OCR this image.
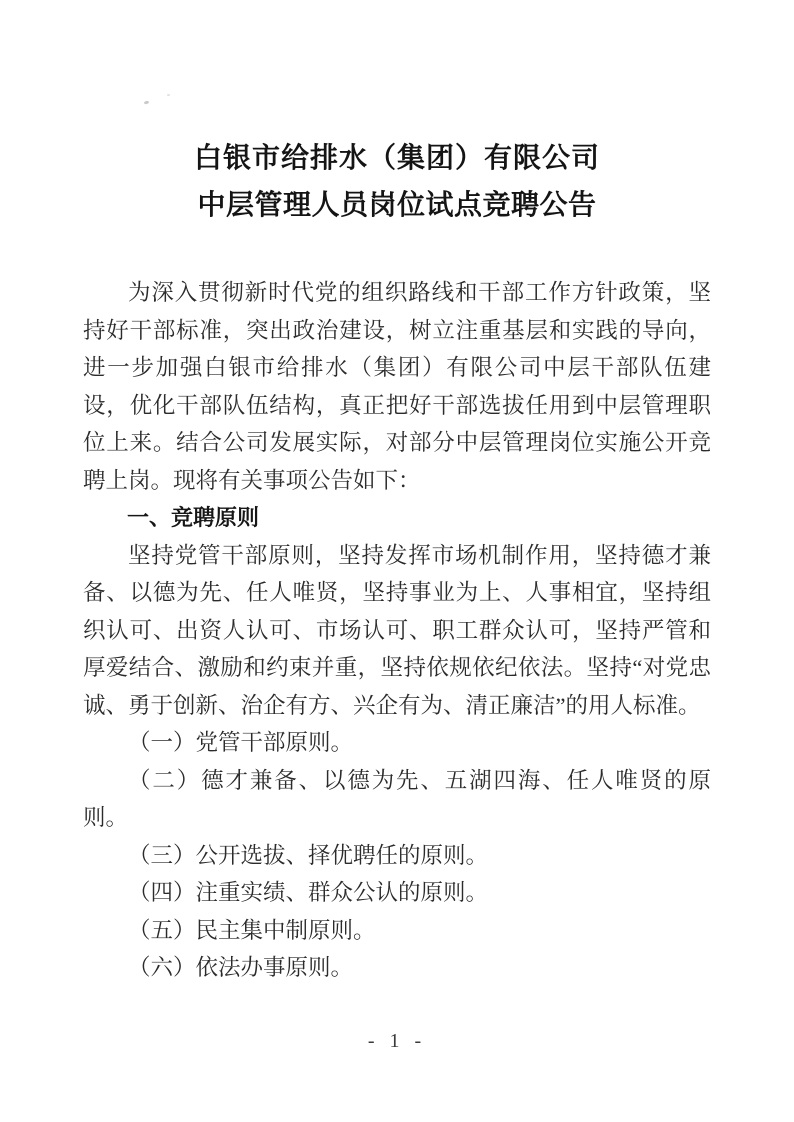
白银市给排水（集团）有限公司
中层管理人员岗位试点竞聘公告

为深入贯彻新时代党的组织路线和干部工作方针政策，坚持好干部标准，突出政治建设，树立注重基层和实践的导向，进一步加强白银市给排水（集团）有限公司中层干部队伍建设，优化干部队伍结构，真正把好干部选拔任用到中层管理职位上来。结合公司发展实际，对部分中层管理岗位实施公开竞聘上岗。现将有关事项公告如下：

一、竞聘原则

坚持党管干部原则，坚持发挥市场机制作用，坚持德才兼备、以德为先、任人唯贤，坚持事业为上、人事相宜，坚持组织认可、出资人认可、市场认可、职工群众认可，坚持严管和厚爱结合、激励和约束并重，坚持依规依纪依法。坚持“对党忠诚、勇于创新、治企有方、兴企有为、清正廉洁”的用人标准。

（一）党管干部原则。
（二）德才兼备、以德为先、五湖四海、任人唯贤的原则。
（三）公开选拔、择优聘任的原则。
（四）注重实绩、群众公认的原则。
（五）民主集中制原则。
（六）依法办事原则。
- 1 -
